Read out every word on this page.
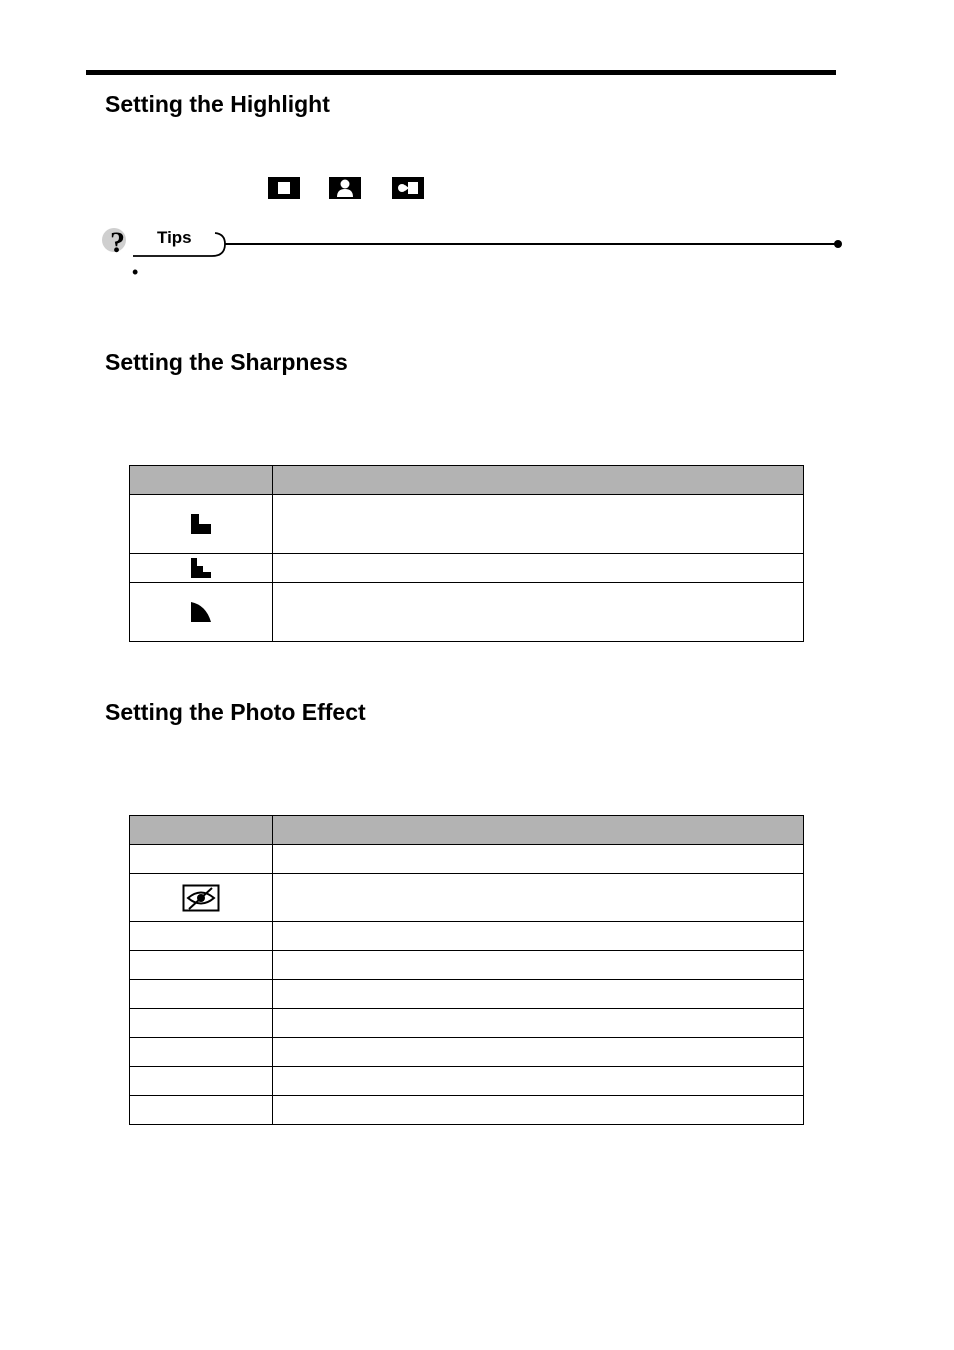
Setting the Highlight
? Tips
•
Setting the Sharpness

Setting the Photo Effect
